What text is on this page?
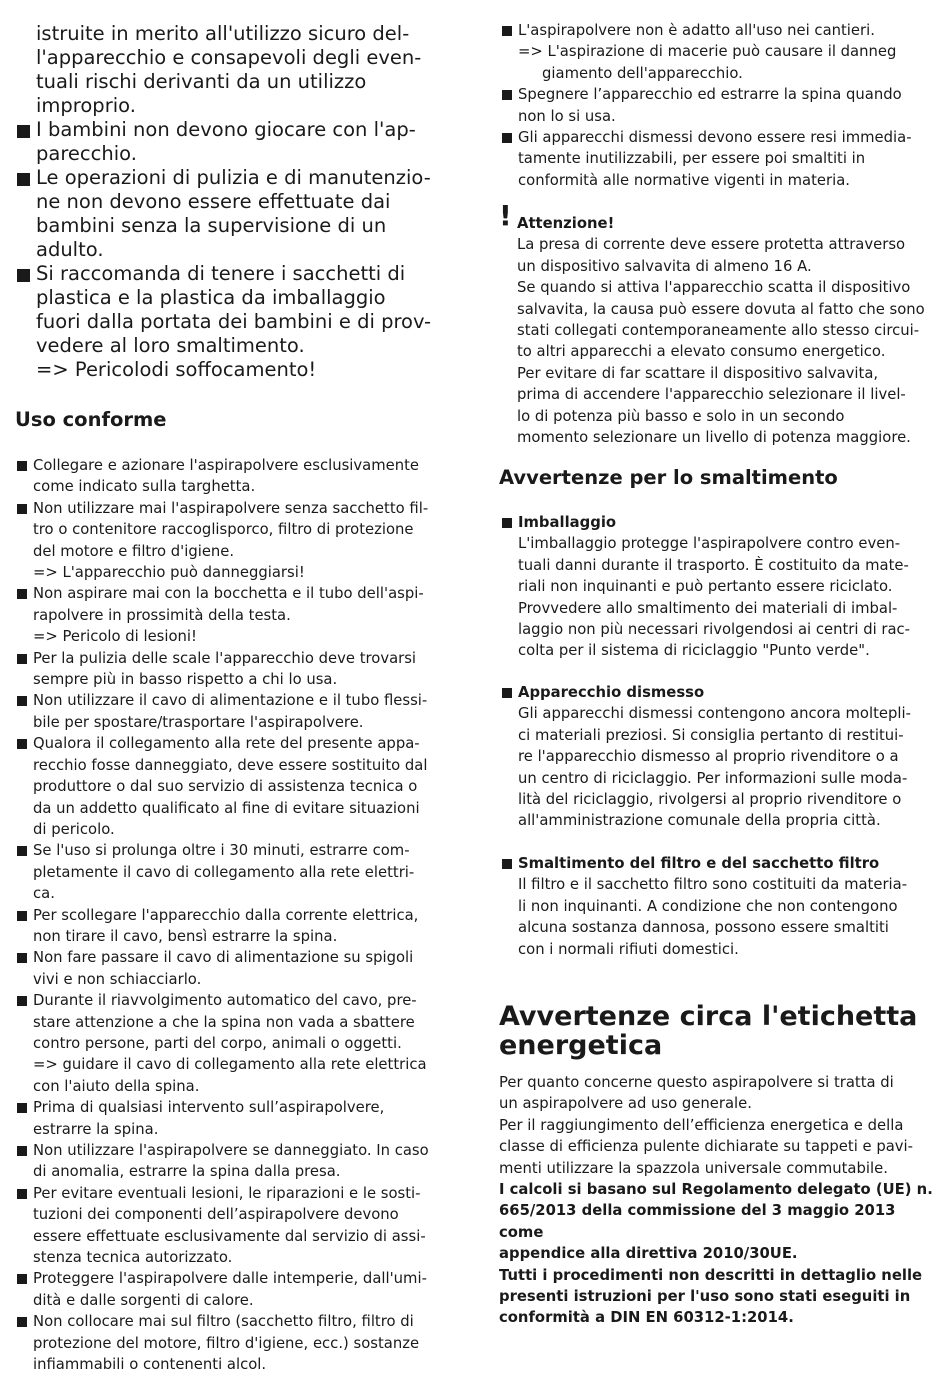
istruite in merito all'utilizzo sicuro del-
l'apparecchio e consapevoli degli even-
tuali rischi derivanti da un utilizzo
improprio.
I bambini non devono giocare con l'ap-
parecchio.
Le operazioni di pulizia e di manutenzio-
ne non devono essere effettuate dai
bambini senza la supervisione di un
adulto.
Si raccomanda di tenere i sacchetti di
plastica e la plastica da imballaggio
fuori dalla portata dei bambini e di prov-
vedere al loro smaltimento.
=> Pericolodi soffocamento!
Uso conforme
Collegare e azionare l'aspirapolvere esclusivamente
come indicato sulla targhetta.
Non utilizzare mai l'aspirapolvere senza sacchetto fil-
tro o contenitore raccoglisporco, filtro di protezione
del motore e filtro d'igiene.
=> L'apparecchio può danneggiarsi!
Non aspirare mai con la bocchetta e il tubo dell'aspi-
rapolvere in prossimità della testa.
=> Pericolo di lesioni!
Per la pulizia delle scale l'apparecchio deve trovarsi
sempre più in basso rispetto a chi lo usa.
Non utilizzare il cavo di alimentazione e il tubo flessi-
bile per spostare/trasportare l'aspirapolvere.
Qualora il collegamento alla rete del presente appa-
recchio fosse danneggiato, deve essere sostituito dal
produttore o dal suo servizio di assistenza tecnica o
da un addetto qualificato al fine di evitare situazioni
di pericolo.
Se l'uso si prolunga oltre i 30 minuti, estrarre com-
pletamente il cavo di collegamento alla rete elettri-
ca.
Per scollegare l'apparecchio dalla corrente elettrica,
non tirare il cavo, bensì estrarre la spina.
Non fare passare il cavo di alimentazione su spigoli
vivi e non schiacciarlo.
Durante il riavvolgimento automatico del cavo, pre-
stare attenzione a che la spina non vada a sbattere
contro persone, parti del corpo, animali o oggetti.
=> guidare il cavo di collegamento alla rete elettrica
con l'aiuto della spina.
Prima di qualsiasi intervento sull’aspirapolvere,
estrarre la spina.
Non utilizzare l'aspirapolvere se danneggiato. In caso
di anomalia, estrarre la spina dalla presa.
Per evitare eventuali lesioni, le riparazioni e le sosti-
tuzioni dei componenti dell’aspirapolvere devono
essere effettuate esclusivamente dal servizio di assi-
stenza tecnica autorizzato.
Proteggere l'aspirapolvere dalle intemperie, dall'umi-
dità e dalle sorgenti di calore.
Non collocare mai sul filtro (sacchetto filtro, filtro di
protezione del motore, filtro d'igiene, ecc.) sostanze
infiammabili o contenenti alcol.
L'aspirapolvere non è adatto all'uso nei cantieri.
=> L'aspirazione di macerie può causare il danneg
giamento dell'apparecchio.
Spegnere l’apparecchio ed estrarre la spina quando
non lo si usa.
Gli apparecchi dismessi devono essere resi immedia-
tamente inutilizzabili, per essere poi smaltiti in
conformità alle normative vigenti in materia.
! Attenzione!
La presa di corrente deve essere protetta attraverso
un dispositivo salvavita di almeno 16 A.
Se quando si attiva l'apparecchio scatta il dispositivo
salvavita, la causa può essere dovuta al fatto che sono
stati collegati contemporaneamente allo stesso circui-
to altri apparecchi a elevato consumo energetico.
Per evitare di far scattare il dispositivo salvavita,
prima di accendere l'apparecchio selezionare il livel-
lo di potenza più basso e solo in un secondo
momento selezionare un livello di potenza maggiore.
Avvertenze per lo smaltimento
Imballaggio
L'imballaggio protegge l'aspirapolvere contro even-
tuali danni durante il trasporto. È costituito da mate-
riali non inquinanti e può pertanto essere riciclato.
Provvedere allo smaltimento dei materiali di imbal-
laggio non più necessari rivolgendosi ai centri di rac-
colta per il sistema di riciclaggio "Punto verde".
Apparecchio dismesso
Gli apparecchi dismessi contengono ancora moltepli-
ci materiali preziosi. Si consiglia pertanto di restitui-
re l'apparecchio dismesso al proprio rivenditore o a
un centro di riciclaggio. Per informazioni sulle moda-
lità del riciclaggio, rivolgersi al proprio rivenditore o
all'amministrazione comunale della propria città.
Smaltimento del filtro e del sacchetto filtro
Il filtro e il sacchetto filtro sono costituiti da materia-
li non inquinanti. A condizione che non contengono
alcuna sostanza dannosa, possono essere smaltiti
con i normali rifiuti domestici.
Avvertenze circa l'etichetta
energetica
Per quanto concerne questo aspirapolvere si tratta di
un aspirapolvere ad uso generale.
Per il raggiungimento dell’efficienza energetica e della
classe di efficienza pulente dichiarate su tappeti e pavi-
menti utilizzare la spazzola universale commutabile.
I calcoli si basano sul Regolamento delegato (UE) n.
665/2013 della commissione del 3 maggio 2013 come
appendice alla direttiva 2010/30UE.
Tutti i procedimenti non descritti in dettaglio nelle
presenti istruzioni per l'uso sono stati eseguiti in
conformità a DIN EN 60312-1:2014.
